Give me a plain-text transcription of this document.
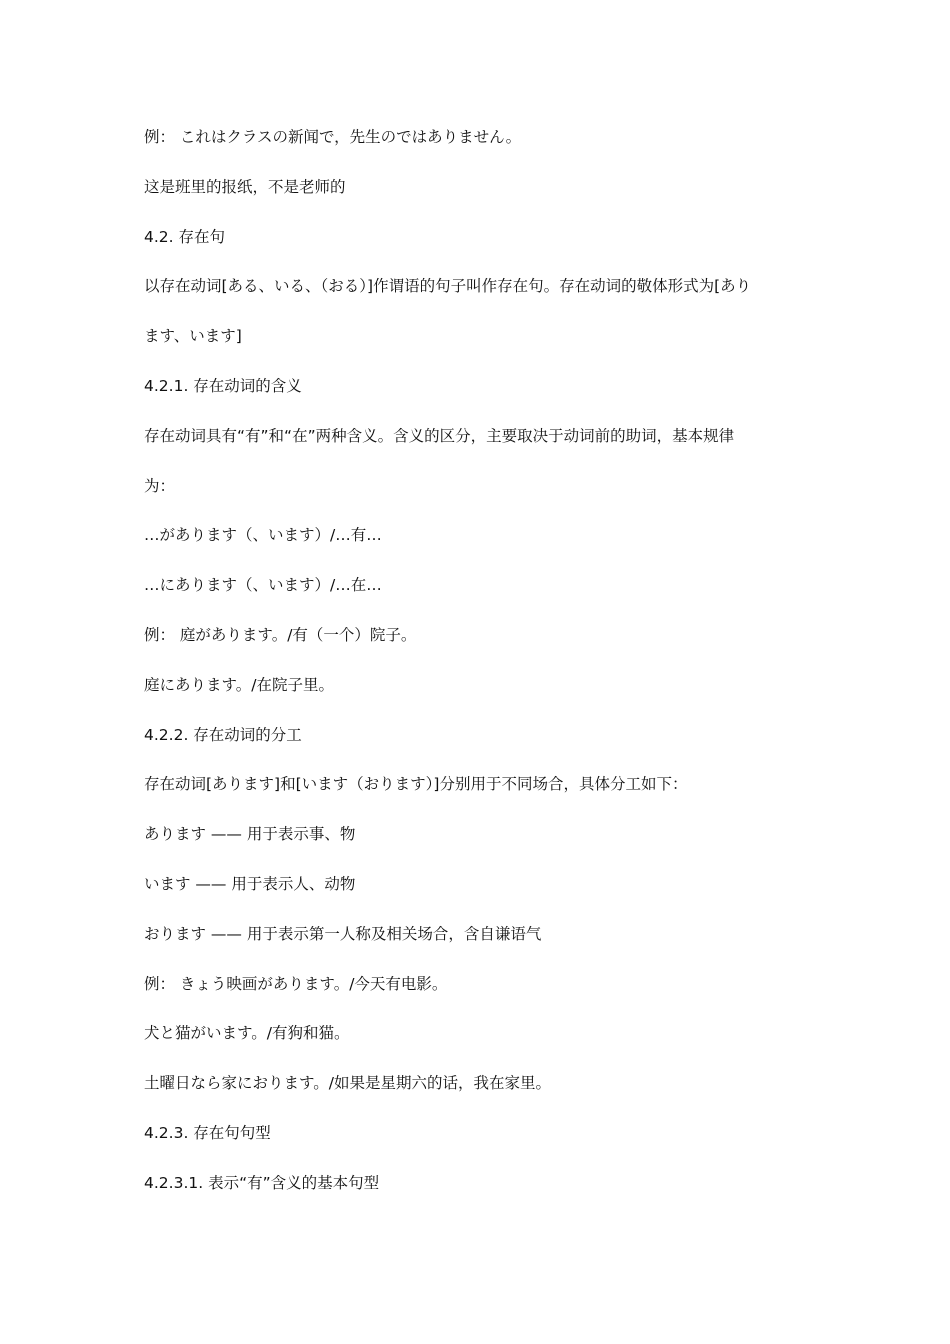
例： これはクラスの新闻で，先生のではありません。
这是班里的报纸，不是老师的
4.2. 存在句
以存在动词[ある、いる、（おる）]作谓语的句子叫作存在句。存在动词的敬体形式为[あり
ます、います]
4.2.1. 存在动词的含义
存在动词具有“有”和“在”两种含义。含义的区分，主要取决于动词前的助词，基本规律
为：
…があります（、います）/…有…
…にあります（、います）/…在…
例： 庭があります。/有（一个）院子。
庭にあります。/在院子里。
4.2.2. 存在动词的分工
存在动词[あります]和[います（おります）]分别用于不同场合，具体分工如下：
あります —— 用于表示事、物
います —— 用于表示人、动物
おります —— 用于表示第一人称及相关场合，含自谦语气
例： きょう映画があります。/今天有电影。
犬と猫がいます。/有狗和猫。
土曜日なら家におります。/如果是星期六的话，我在家里。
4.2.3. 存在句句型
4.2.3.1. 表示“有”含义的基本句型
